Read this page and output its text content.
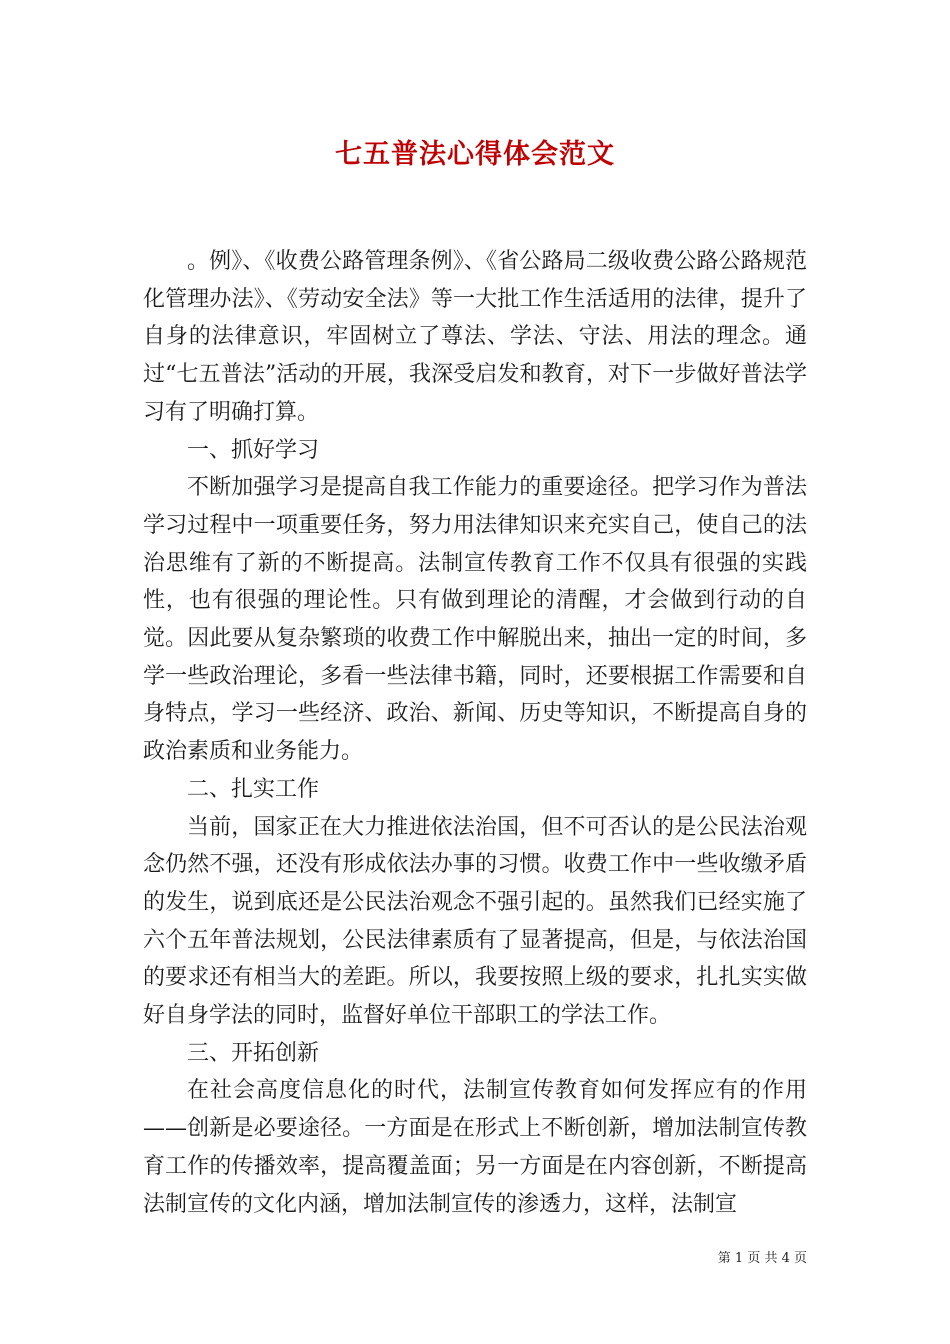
七五普法心得体会范文

。例》、《收费公路管理条例》、《省公路局二级收费公路公路规范化管理办法》、《劳动安全法》等一大批工作生活适用的法律，提升了自身的法律意识，牢固树立了尊法、学法、守法、用法的理念。通过“七五普法”活动的开展，我深受启发和教育，对下一步做好普法学习有了明确打算。

一、抓好学习

不断加强学习是提高自我工作能力的重要途径。把学习作为普法学习过程中一项重要任务，努力用法律知识来充实自己，使自己的法治思维有了新的不断提高。法制宣传教育工作不仅具有很强的实践性，也有很强的理论性。只有做到理论的清醒，才会做到行动的自觉。因此要从复杂繁琐的收费工作中解脱出来，抽出一定的时间，多学一些政治理论，多看一些法律书籍，同时，还要根据工作需要和自身特点，学习一些经济、政治、新闻、历史等知识，不断提高自身的政治素质和业务能力。

二、扎实工作

当前，国家正在大力推进依法治国，但不可否认的是公民法治观念仍然不强，还没有形成依法办事的习惯。收费工作中一些收缴矛盾的发生，说到底还是公民法治观念不强引起的。虽然我们已经实施了六个五年普法规划，公民法律素质有了显著提高，但是，与依法治国的要求还有相当大的差距。所以，我要按照上级的要求，扎扎实实做好自身学法的同时，监督好单位干部职工的学法工作。

三、开拓创新

在社会高度信息化的时代，法制宣传教育如何发挥应有的作用——创新是必要途径。一方面是在形式上不断创新，增加法制宣传教育工作的传播效率，提高覆盖面；另一方面是在内容创新，不断提高法制宣传的文化内涵，增加法制宣传的渗透力，这样，法制宣

第 1 页 共 4 页
